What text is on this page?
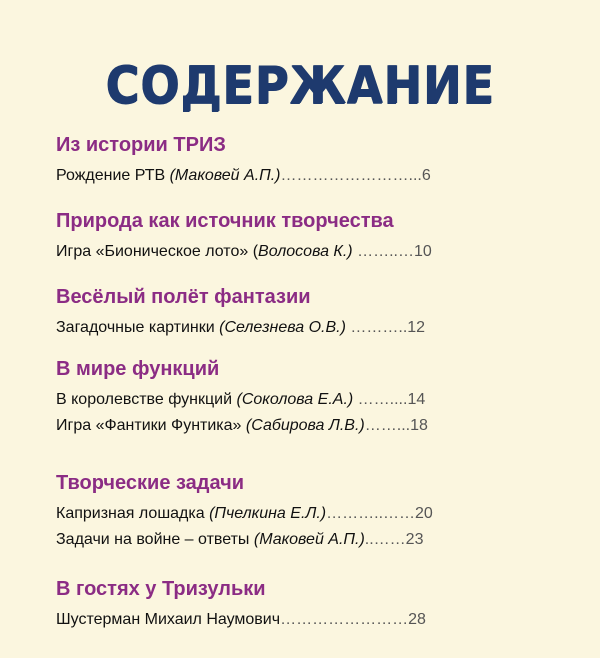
СОДЕРЖАНИЕ
Из истории ТРИЗ
Рождение РТВ (Маковей А.П.)……………………...6
Природа как источник творчества
Игра «Бионическое лото» (Волосова К.) ……..…10
Весёлый полёт фантазии
Загадочные картинки (Селезнева О.В.) ………..12
В мире функций
В королевстве функций (Соколова Е.А.) ……....14
Игра «Фантики Фунтика» (Сабирова Л.В.)……...18
Творческие задачи
Капризная лошадка (Пчелкина Е.Л.)………..……20
Задачи на войне – ответы (Маковей А.П.)..……23
В гостях у Тризульки
Шустерман Михаил Наумович……………………28
